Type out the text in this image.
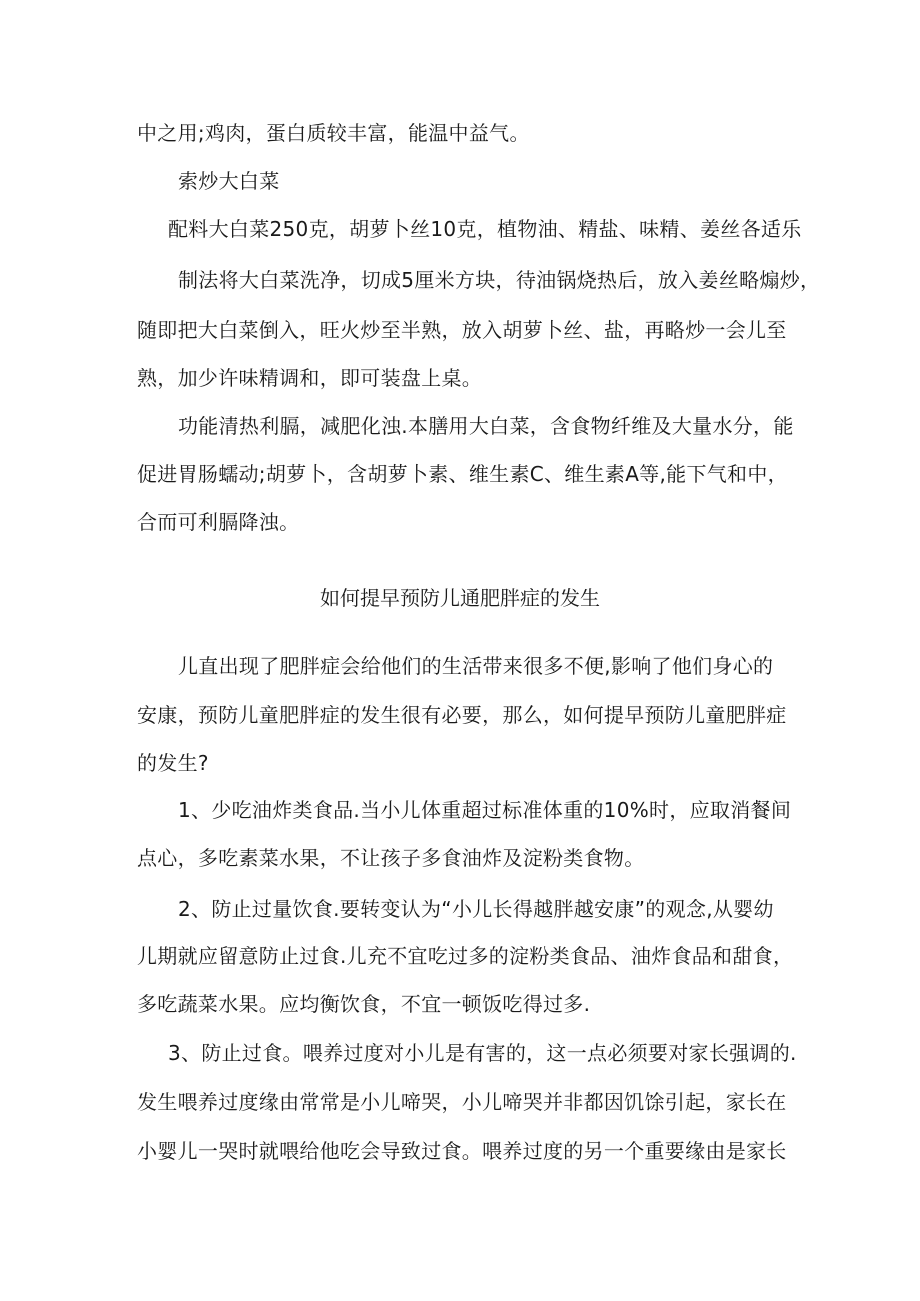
中之用;鸡肉，蛋白质较丰富，能温中益气。
索炒大白菜
配料大白菜250克，胡萝卜丝10克，植物油、精盐、味精、姜丝各适乐
制法将大白菜洗净，切成5厘米方块，待油锅烧热后，放入姜丝略煽炒，
随即把大白菜倒入，旺火炒至半熟，放入胡萝卜丝、盐，再略炒一会儿至
熟，加少许味精调和，即可装盘上桌。
功能清热利膈，减肥化浊.本膳用大白菜，含食物纤维及大量水分，能
促进胃肠蠕动;胡萝卜，含胡萝卜素、维生素C、维生素A等,能下气和中，
合而可利膈降浊。
如何提早预防儿通肥胖症的发生
儿直出现了肥胖症会给他们的生活带来很多不便,影响了他们身心的
安康，预防儿童肥胖症的发生很有必要，那么，如何提早预防儿童肥胖症
的发生?
1、少吃油炸类食品.当小儿体重超过标准体重的10%时，应取消餐间
点心，多吃素菜水果，不让孩子多食油炸及淀粉类食物。
2、防止过量饮食.要转变认为“小儿长得越胖越安康”的观念,从婴幼
儿期就应留意防止过食.儿充不宜吃过多的淀粉类食品、油炸食品和甜食，
多吃蔬菜水果。应均衡饮食，不宜一顿饭吃得过多.
3、防止过食。喂养过度对小儿是有害的，这一点必须要对家长强调的.
发生喂养过度缘由常常是小儿啼哭，小儿啼哭并非都因饥馀引起，家长在
小婴儿一哭时就喂给他吃会导致过食。喂养过度的另一个重要缘由是家长
